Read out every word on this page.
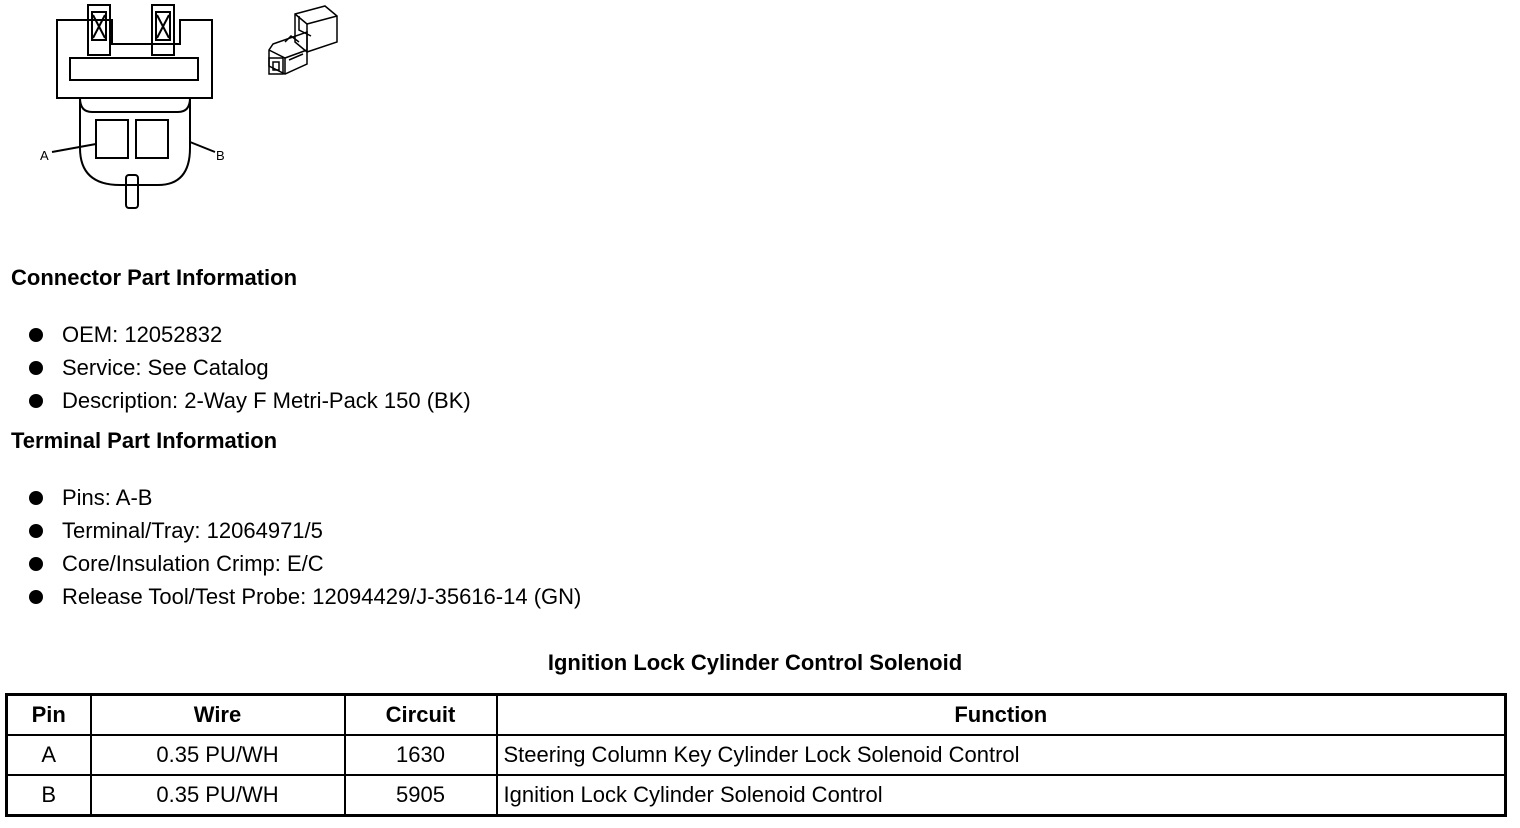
A	B
Connector Part Information
OEM: 12052832
Service: See Catalog
Description: 2-Way F Metri-Pack 150 (BK)
Terminal Part Information
Pins: A-B
Terminal/Tray: 12064971/5
Core/Insulation Crimp: E/C
Release Tool/Test Probe: 12094429/J-35616-14 (GN)
Ignition Lock Cylinder Control Solenoid
Pin	Wire	Circuit	Function
A	0.35 PU/WH	1630	Steering Column Key Cylinder Lock Solenoid Control
B	0.35 PU/WH	5905	Ignition Lock Cylinder Solenoid Control
